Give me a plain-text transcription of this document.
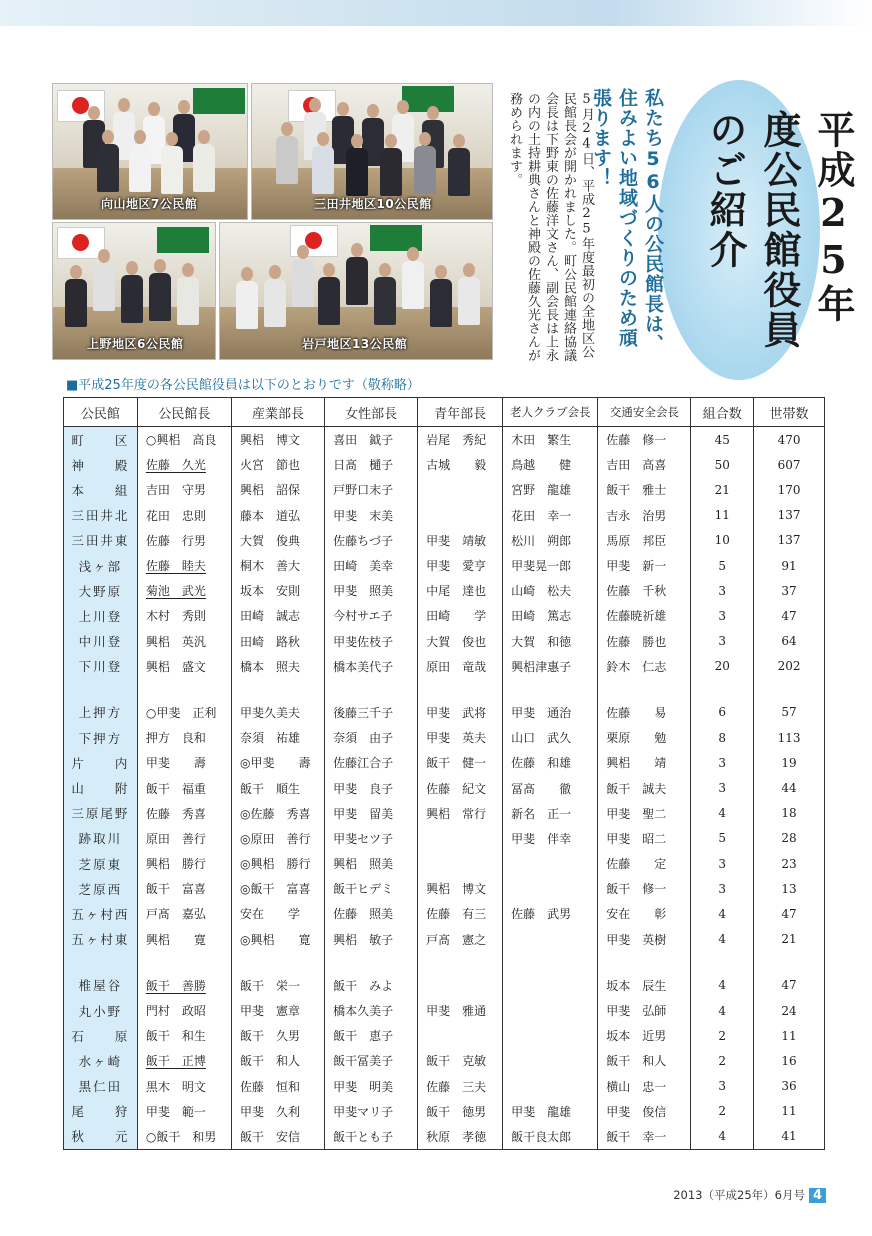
向山地区7公民館	三田井地区10公民館
上野地区6公民館	岩戸地区13公民館
平成25年度公民館役員のご紹介
私たち56人の公民館長は、住みよい地域づくりのため頑張ります！
5月24日、平成25年度最初の全地区公民館長会が開かれました。町公民館連絡協議会長は下野東の佐藤洋文さん、副会長は上永の内の土持耕典さんと神殿の佐藤久光さんが務められます。
■平成25年度の各公民館役員は以下のとおりです（敬称略）
公民館	公民館長	産業部長	女性部長	青年部長	老人クラブ会長	交通安全会長	組合数	世帯数
町　　区	○興梠　高良	興梠　博文	喜田　鉞子	岩尾　秀紀	木田　繁生	佐藤　修一	45	470
神　　殿	佐藤　久光	火宮　節也	日髙　樋子	古城　　毅	鳥越　　健	吉田　高喜	50	607
本　　組	吉田　守男	興梠　詔保	戸野口末子		宮野　龍雄	飯干　雅士	21	170
三田井北	花田　忠則	藤本　道弘	甲斐　末美		花田　幸一	吉永　治男	11	137
三田井東	佐藤　行男	大賀　俊典	佐藤ちづ子	甲斐　靖敏	松川　朔郎	馬原　邦臣	10	137
浅ヶ部	佐藤　睦夫	桐木　善大	田崎　美幸	甲斐　愛亨	甲斐晃一郎	甲斐　新一	5	91
大野原	菊池　武光	坂本　安則	甲斐　照美	中尾　達也	山崎　松夫	佐藤　千秋	3	37
上川登	木村　秀則	田崎　誠志	今村サエ子	田崎　　学	田崎　篤志	佐藤暁祈雄	3	47
中川登	興梠　英汎	田崎　路秋	甲斐佐枝子	大賀　俊也	大賀　和徳	佐藤　勝也	3	64
下川登	興梠　盛文	橋本　照夫	橋本美代子	原田　竜哉	興梠津惠子	鈴木　仁志	20	202

上押方	○甲斐　正利	甲斐久美夫	後藤三千子	甲斐　武将	甲斐　通治	佐藤　　易	6	57
下押方	押方　良和	奈須　祐雄	奈須　由子	甲斐　英夫	山口　武久	栗原　　勉	8	113
片　　内	甲斐　　壽	◎甲斐　　壽	佐藤江合子	飯干　健一	佐藤　和雄	興梠　　靖	3	19
山　　附	飯干　福重	飯干　順生	甲斐　良子	佐藤　紀文	冨髙　　徹	飯干　誠夫	3	44
三原尾野	佐藤　秀喜	◎佐藤　秀喜	甲斐　留美	興梠　常行	新名　正一	甲斐　聖二	4	18
跡取川	原田　善行	◎原田　善行	甲斐セツ子		甲斐　伴幸	甲斐　昭二	5	28
芝原東	興梠　勝行	◎興梠　勝行	興梠　照美			佐藤　　定	3	23
芝原西	飯干　富喜	◎飯干　富喜	飯干ヒデミ	興梠　博文		飯干　修一	3	13
五ヶ村西	戸髙　嘉弘	安在　　学	佐藤　照美	佐藤　有三	佐藤　武男	安在　　彰	4	47
五ヶ村東	興梠　　寛	◎興梠　　寛	興梠　敏子	戸髙　憲之		甲斐　英樹	4	21

椎屋谷	飯干　善勝	飯干　栄一	飯干　みよ			坂本　辰生	4	47
丸小野	門村　政昭	甲斐　憲章	橋本久美子	甲斐　雅通		甲斐　弘師	4	24
石　　原	飯干　和生	飯干　久男	飯干　恵子			坂本　近男	2	11
水ヶ崎	飯干　正博	飯干　和人	飯干冨美子	飯干　克敏		飯干　和人	2	16
黒仁田	黒木　明文	佐藤　恒和	甲斐　明美	佐藤　三夫		横山　忠一	3	36
尾　　狩	甲斐　範一	甲斐　久利	甲斐マリ子	飯干　徳男	甲斐　龍雄	甲斐　俊信	2	11
秋　　元	○飯干　和男	飯干　安信	飯干とも子	秋原　孝徳	飯干良太郎	飯干　幸一	4	41
2013（平成25年）6月号 4
